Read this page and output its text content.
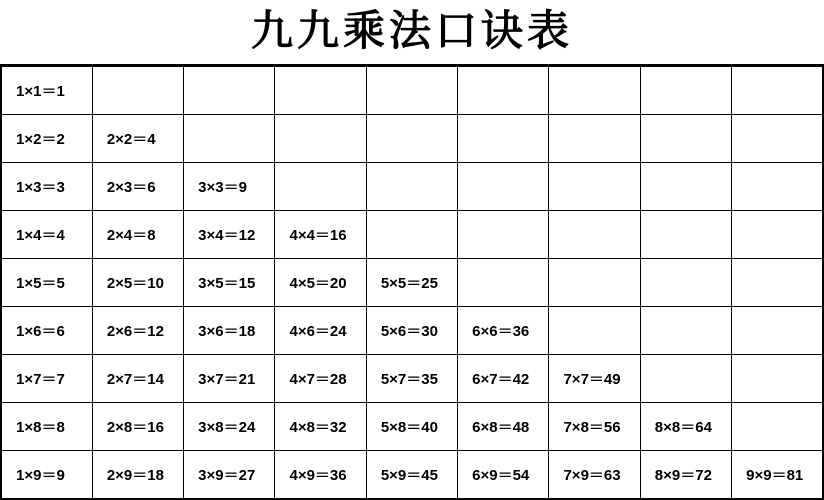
九九乘法口诀表
1×1＝1								
1×2＝2	2×2＝4							
1×3＝3	2×3＝6	3×3＝9						
1×4＝4	2×4＝8	3×4＝12	4×4＝16					
1×5＝5	2×5＝10	3×5＝15	4×5＝20	5×5＝25				
1×6＝6	2×6＝12	3×6＝18	4×6＝24	5×6＝30	6×6＝36			
1×7＝7	2×7＝14	3×7＝21	4×7＝28	5×7＝35	6×7＝42	7×7＝49		
1×8＝8	2×8＝16	3×8＝24	4×8＝32	5×8＝40	6×8＝48	7×8＝56	8×8＝64	
1×9＝9	2×9＝18	3×9＝27	4×9＝36	5×9＝45	6×9＝54	7×9＝63	8×9＝72	9×9＝81
